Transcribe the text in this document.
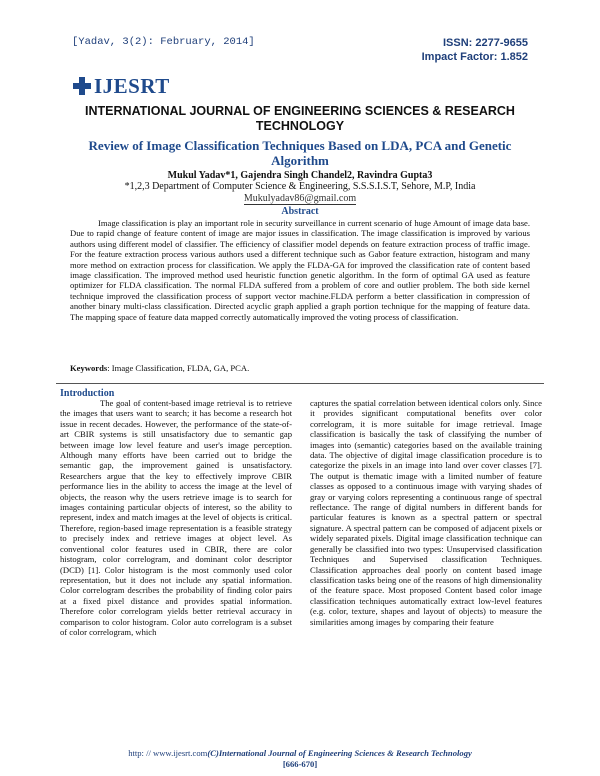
[Yadav, 3(2): February, 2014]	ISSN: 2277-9655
Impact Factor: 1.852
IJESRT
INTERNATIONAL JOURNAL OF ENGINEERING SCIENCES & RESEARCH TECHNOLOGY
Review of Image Classification Techniques Based on LDA, PCA and Genetic Algorithm
Mukul Yadav*1, Gajendra Singh Chandel2, Ravindra Gupta3
*1,2,3 Department of Computer Science & Engineering, S.S.S.I.S.T, Sehore, M.P, India
Mukulyadav86@gmail.com
Abstract
Image classification is play an important role in security surveillance in current scenario of huge Amount of image data base. Due to rapid change of feature content of image are major issues in classification. The image classification is improved by various authors using different model of classifier. The efficiency of classifier model depends on feature extraction process of traffic image. For the feature extraction process various authors used a different technique such as Gabor feature extraction, histogram and many more method on extraction process for classification. We apply the FLDA-GA for improved the classification rate of content based image classification. The improved method used heuristic function genetic algorithm. In the form of optimal GA used as feature optimizer for FLDA classification. The normal FLDA suffered from a problem of core and outlier problem. The both side kernel technique improved the classification process of support vector machine.FLDA perform a better classification in compression of another binary multi-class classification. Directed acyclic graph applied a graph portion technique for the mapping of feature data. The mapping space of feature data mapped correctly automatically improved the voting process of classification.
Keywords: Image Classification, FLDA, GA, PCA.
Introduction
The goal of content-based image retrieval is to retrieve the images that users want to search; it has become a research hot issue in recent decades. However, the performance of the state-of-art CBIR systems is still unsatisfactory due to semantic gap between image low level feature and user's image perception. Although many efforts have been carried out to bridge the semantic gap, the improvement gained is unsatisfactory. Researchers argue that the key to effectively improve CBIR performance lies in the ability to access the image at the level of objects, the reason why the users retrieve image is to search for images containing particular objects of interest, so the ability to represent, index and match images at the level of objects is critical. Therefore, region-based image representation is a feasible strategy to precisely index and retrieve images at object level. As conventional color features used in CBIR, there are color histogram, color correlogram, and dominant color descriptor (DCD) [1]. Color histogram is the most commonly used color representation, but it does not include any spatial information. Color correlogram describes the probability of finding color pairs at a fixed pixel distance and provides spatial information. Therefore color correlogram yields better retrieval accuracy in comparison to color histogram. Color auto correlogram is a subset of color correlogram, which
captures the spatial correlation between identical colors only. Since it provides significant computational benefits over color correlogram, it is more suitable for image retrieval. Image classification is basically the task of classifying the number of images into (semantic) categories based on the available training data. The objective of digital image classification procedure is to categorize the pixels in an image into land over cover classes [7]. The output is thematic image with a limited number of feature classes as opposed to a continuous image with varying shades of gray or varying colors representing a continuous range of spectral reflectance. The range of digital numbers in different bands for particular features is known as a spectral pattern or spectral signature. A spectral pattern can be composed of adjacent pixels or widely separated pixels. Digital image classification technique can generally be classified into two types: Unsupervised classification Techniques and Supervised classification Techniques. Classification approaches deal poorly on content based image classification tasks being one of the reasons of high dimensionality of the feature space. Most proposed Content based color image classification techniques automatically extract low-level features (e.g. color, texture, shapes and layout of objects) to measure the similarities among images by comparing their feature
http: // www.ijesrt.com(C)International Journal of Engineering Sciences & Research Technology
[666-670]
